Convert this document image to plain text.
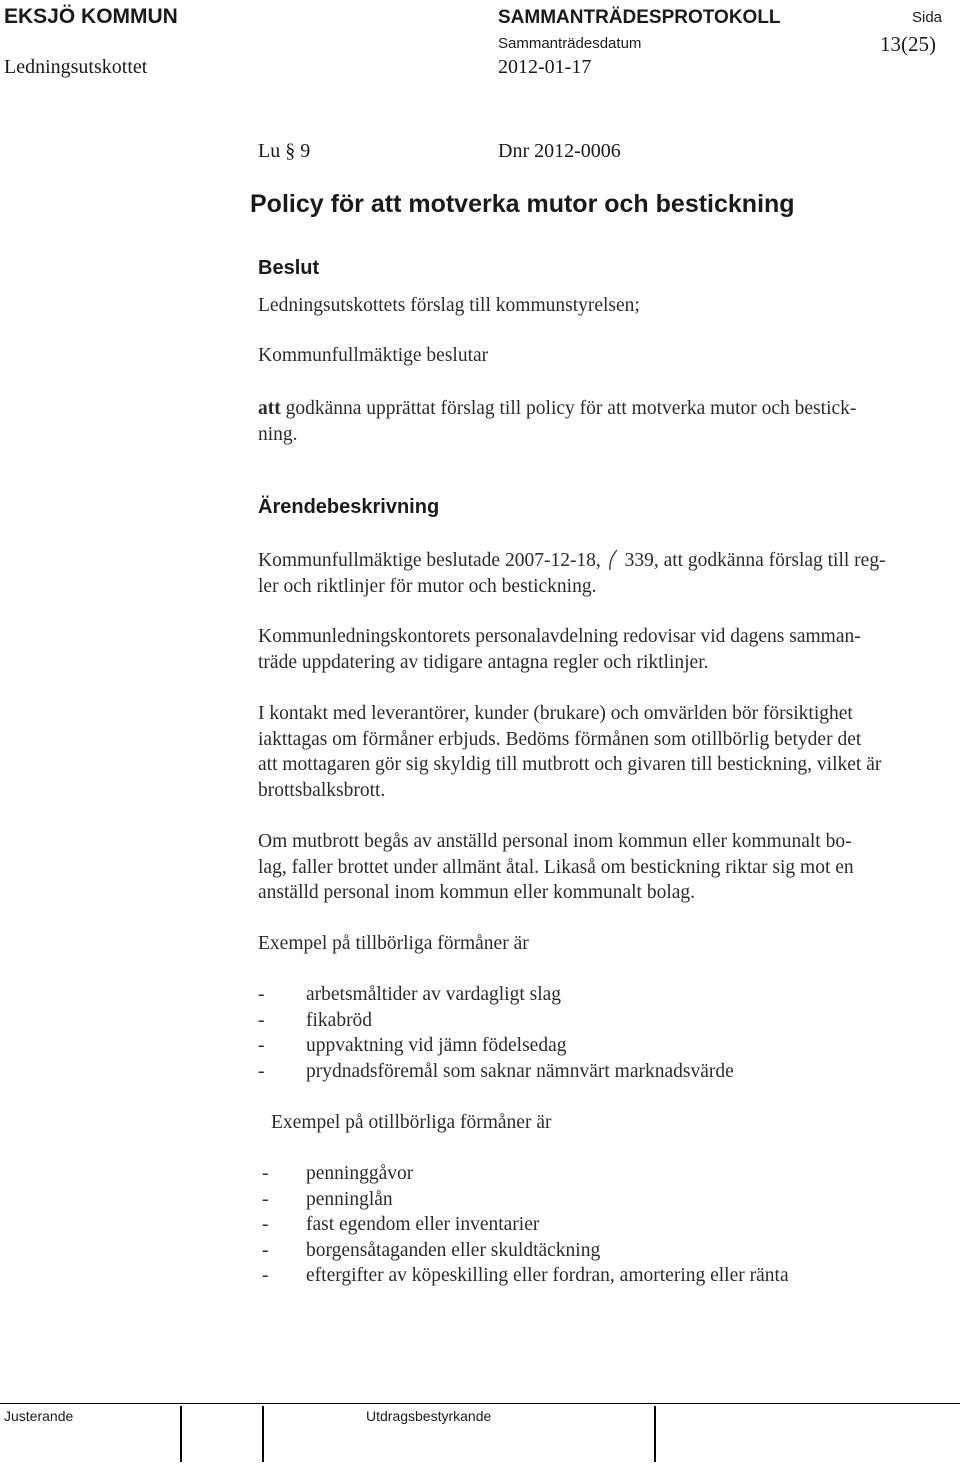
EKSJÖ KOMMUN	SAMMANTRÄDESPROTOKOLL	Sida
Sammanträdesdatum	13(25)
Ledningsutskottet	2012-01-17
Lu § 9	Dnr 2012-0006
Policy för att motverka mutor och bestickning
Beslut
Ledningsutskottets förslag till kommunstyrelsen;
Kommunfullmäktige beslutar
att godkänna upprättat förslag till policy för att motverka mutor och bestick-
ning.
Ärendebeskrivning
Kommunfullmäktige beslutade 2007-12-18, 339, att godkänna förslag till reg-
ler och riktlinjer för mutor och bestickning.
Kommunledningskontorets personalavdelning redovisar vid dagens samman-
träde uppdatering av tidigare antagna regler och riktlinjer.
I kontakt med leverantörer, kunder (brukare) och omvärlden bör försiktighet
iakttagas om förmåner erbjuds. Bedöms förmånen som otillbörlig betyder det
att mottagaren gör sig skyldig till mutbrott och givaren till bestickning, vilket är
brottsbalksbrott.
Om mutbrott begås av anställd personal inom kommun eller kommunalt bo-
lag, faller brottet under allmänt åtal. Likaså om bestickning riktar sig mot en
anställd personal inom kommun eller kommunalt bolag.
Exempel på tillbörliga förmåner är
- arbetsmåltider av vardagligt slag
- fikabröd
- uppvaktning vid jämn födelsedag
- prydnadsföremål som saknar nämnvärt marknadsvärde
Exempel på otillbörliga förmåner är
- penninggåvor
- penninglån
- fast egendom eller inventarier
- borgensåtaganden eller skuldtäckning
- eftergifter av köpeskilling eller fordran, amortering eller ränta
Justerande	Utdragsbestyrkande
